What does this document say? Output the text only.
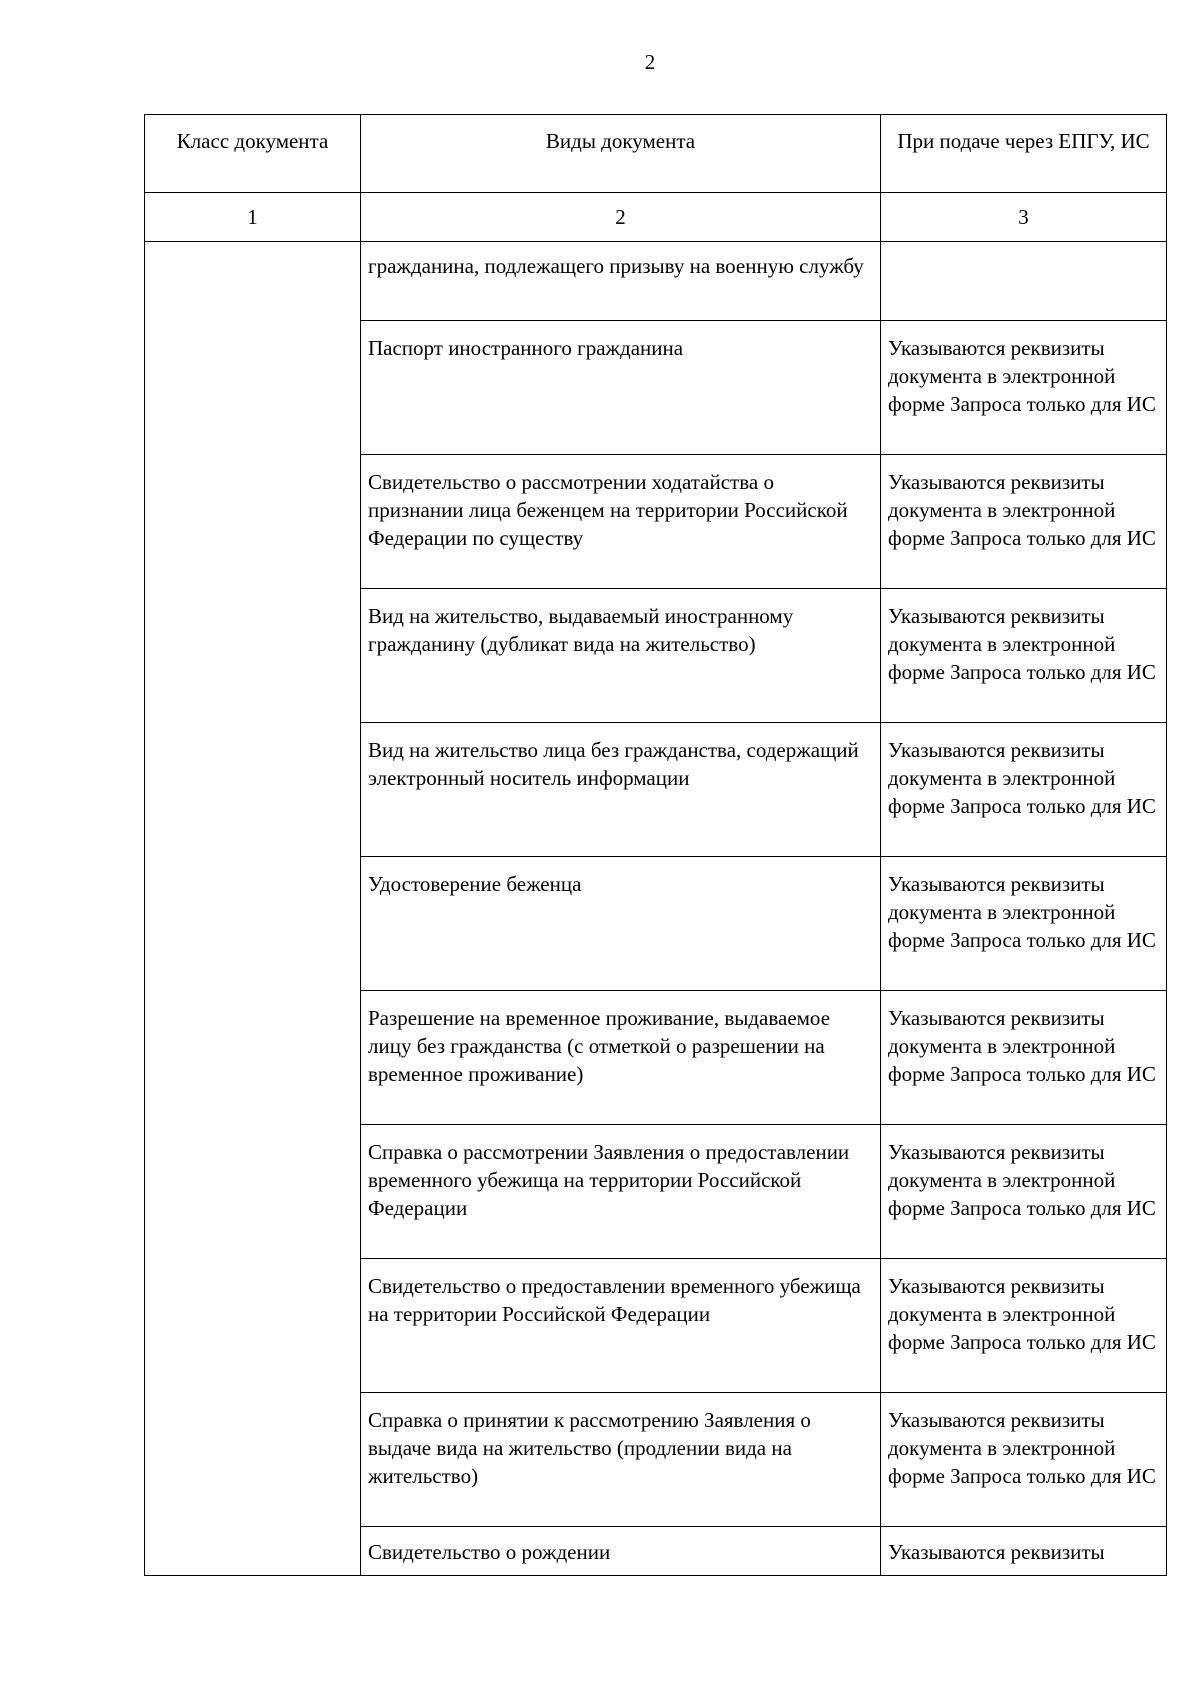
2
Класс документа	Виды документа	При подаче через ЕПГУ, ИС
1	2	3
	гражданина, подлежащего призыву на военную службу	
	Паспорт иностранного гражданина	Указываются реквизиты документа в электронной форме Запроса только для ИС
	Свидетельство о рассмотрении ходатайства о признании лица беженцем на территории Российской Федерации по существу	Указываются реквизиты документа в электронной форме Запроса только для ИС
	Вид на жительство, выдаваемый иностранному гражданину (дубликат вида на жительство)	Указываются реквизиты документа в электронной форме Запроса только для ИС
	Вид на жительство лица без гражданства, содержащий электронный носитель информации	Указываются реквизиты документа в электронной форме Запроса только для ИС
	Удостоверение беженца	Указываются реквизиты документа в электронной форме Запроса только для ИС
	Разрешение на временное проживание, выдаваемое лицу без гражданства (с отметкой о разрешении на временное проживание)	Указываются реквизиты документа в электронной форме Запроса только для ИС
	Справка о рассмотрении Заявления о предоставлении временного убежища на территории Российской Федерации	Указываются реквизиты документа в электронной форме Запроса только для ИС
	Свидетельство о предоставлении временного убежища на территории Российской Федерации	Указываются реквизиты документа в электронной форме Запроса только для ИС
	Справка о принятии к рассмотрению Заявления о выдаче вида на жительство (продлении вида на жительство)	Указываются реквизиты документа в электронной форме Запроса только для ИС
	Свидетельство о рождении	Указываются реквизиты
